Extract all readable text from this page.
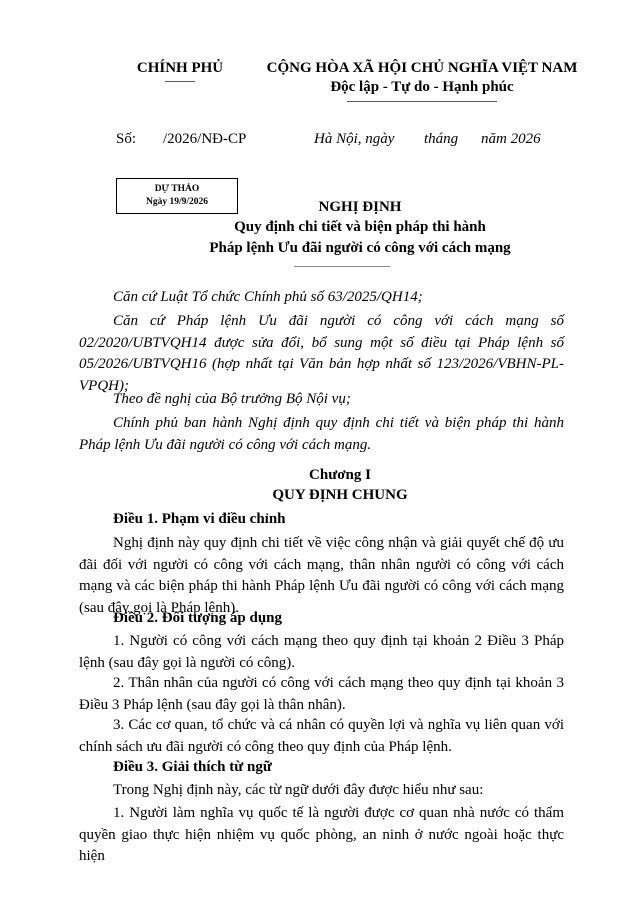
CHÍNH PHỦ	CỘNG HÒA XÃ HỘI CHỦ NGHĨA VIỆT NAM
Độc lập - Tự do - Hạnh phúc
Số: /2026/NĐ-CP	Hà Nội, ngày tháng năm 2026
DỰ THẢO
Ngày 19/9/2026	NGHỊ ĐỊNH
Quy định chi tiết và biện pháp thi hành
Pháp lệnh Ưu đãi người có công với cách mạng

Căn cứ Luật Tổ chức Chính phủ số 63/2025/QH14;

Căn cứ Pháp lệnh Ưu đãi người có công với cách mạng số 02/2020/UBTVQH14 được sửa đổi, bổ sung một số điều tại Pháp lệnh số 05/2026/UBTVQH16 (hợp nhất tại Văn bản hợp nhất số 123/2026/VBHN-PL-VPQH);

Theo đề nghị của Bộ trưởng Bộ Nội vụ;

Chính phủ ban hành Nghị định quy định chi tiết và biện pháp thi hành Pháp lệnh Ưu đãi người có công với cách mạng.

Chương I
QUY ĐỊNH CHUNG
Điều 1. Phạm vi điều chỉnh

Nghị định này quy định chi tiết về việc công nhận và giải quyết chế độ ưu đãi đối với người có công với cách mạng, thân nhân người có công với cách mạng và các biện pháp thi hành Pháp lệnh Ưu đãi người có công với cách mạng (sau đây gọi là Pháp lệnh).

Điều 2. Đối tượng áp dụng

1. Người có công với cách mạng theo quy định tại khoản 2 Điều 3 Pháp lệnh (sau đây gọi là người có công).

2. Thân nhân của người có công với cách mạng theo quy định tại khoản 3 Điều 3 Pháp lệnh (sau đây gọi là thân nhân).

3. Các cơ quan, tổ chức và cá nhân có quyền lợi và nghĩa vụ liên quan với chính sách ưu đãi người có công theo quy định của Pháp lệnh.

Điều 3. Giải thích từ ngữ

Trong Nghị định này, các từ ngữ dưới đây được hiểu như sau:

1. Người làm nghĩa vụ quốc tế là người được cơ quan nhà nước có thẩm quyền giao thực hiện nhiệm vụ quốc phòng, an ninh ở nước ngoài hoặc thực hiện
